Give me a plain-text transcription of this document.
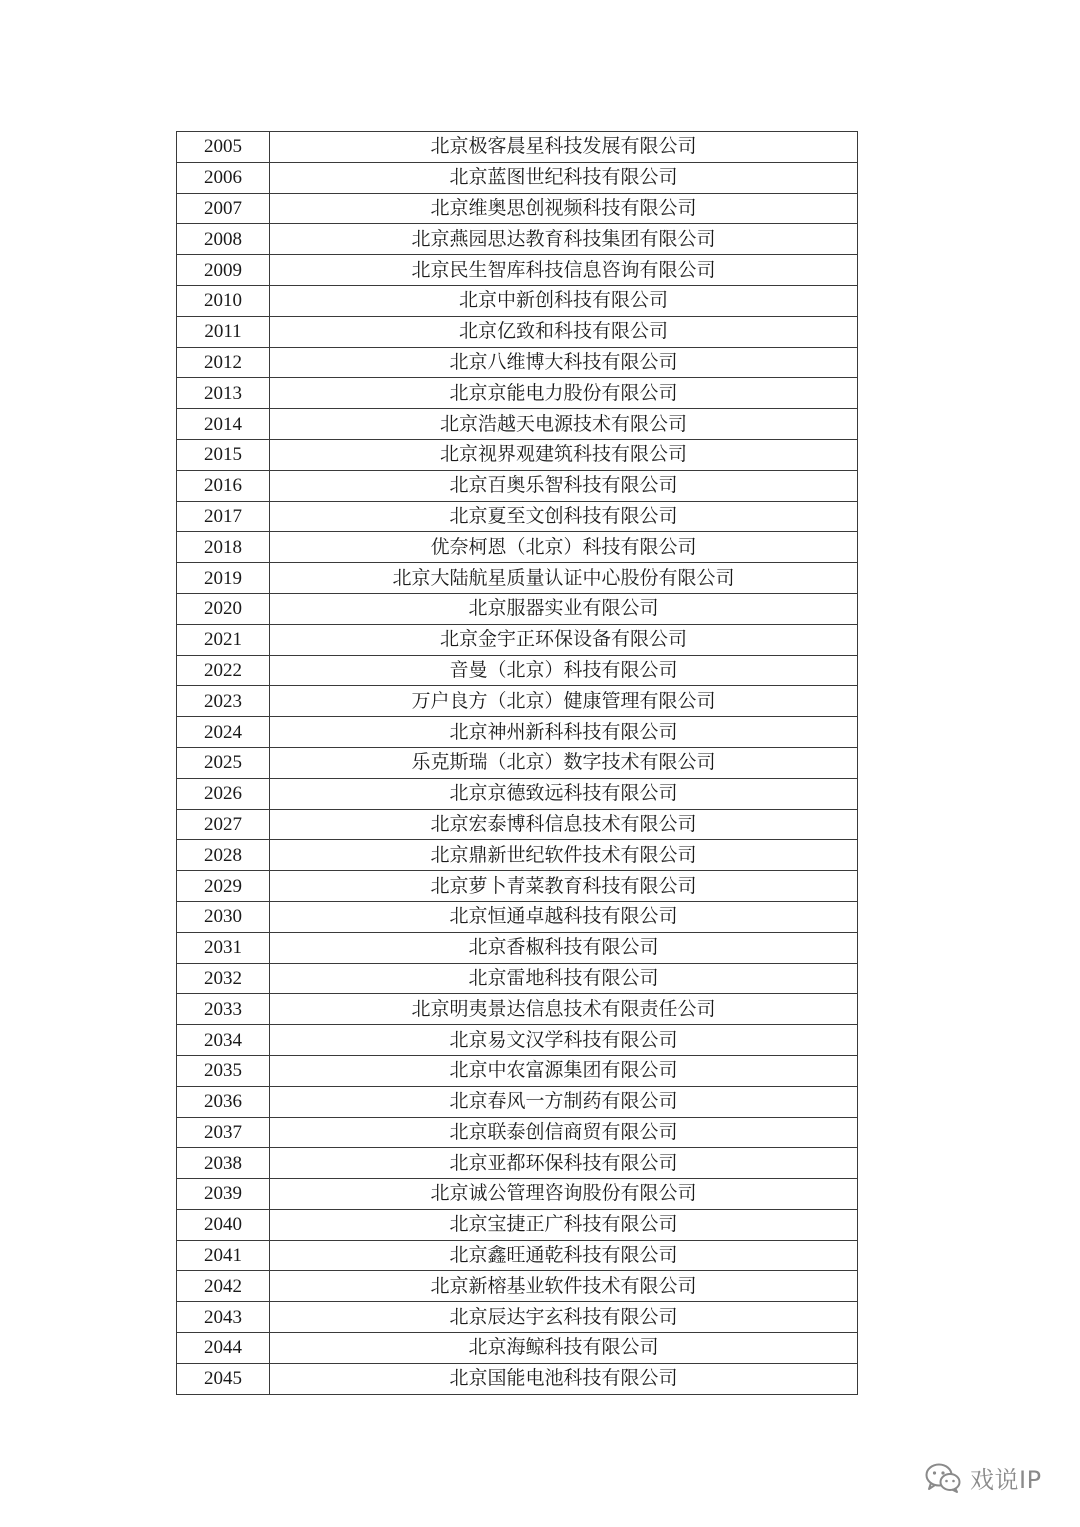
2005	北京极客晨星科技发展有限公司
2006	北京蓝图世纪科技有限公司
2007	北京维奥思创视频科技有限公司
2008	北京燕园思达教育科技集团有限公司
2009	北京民生智库科技信息咨询有限公司
2010	北京中新创科技有限公司
2011	北京亿致和科技有限公司
2012	北京八维博大科技有限公司
2013	北京京能电力股份有限公司
2014	北京浩越天电源技术有限公司
2015	北京视界观建筑科技有限公司
2016	北京百奥乐智科技有限公司
2017	北京夏至文创科技有限公司
2018	优奈柯恩（北京）科技有限公司
2019	北京大陆航星质量认证中心股份有限公司
2020	北京服器实业有限公司
2021	北京金宇正环保设备有限公司
2022	音曼（北京）科技有限公司
2023	万户良方（北京）健康管理有限公司
2024	北京神州新科科技有限公司
2025	乐克斯瑞（北京）数字技术有限公司
2026	北京京德致远科技有限公司
2027	北京宏泰博科信息技术有限公司
2028	北京鼎新世纪软件技术有限公司
2029	北京萝卜青菜教育科技有限公司
2030	北京恒通卓越科技有限公司
2031	北京香椒科技有限公司
2032	北京雷地科技有限公司
2033	北京明夷景达信息技术有限责任公司
2034	北京易文汉学科技有限公司
2035	北京中农富源集团有限公司
2036	北京春风一方制药有限公司
2037	北京联泰创信商贸有限公司
2038	北京亚都环保科技有限公司
2039	北京诚公管理咨询股份有限公司
2040	北京宝捷正广科技有限公司
2041	北京鑫旺通乾科技有限公司
2042	北京新榕基业软件技术有限公司
2043	北京辰达宇玄科技有限公司
2044	北京海鲸科技有限公司
2045	北京国能电池科技有限公司
戏说IP
